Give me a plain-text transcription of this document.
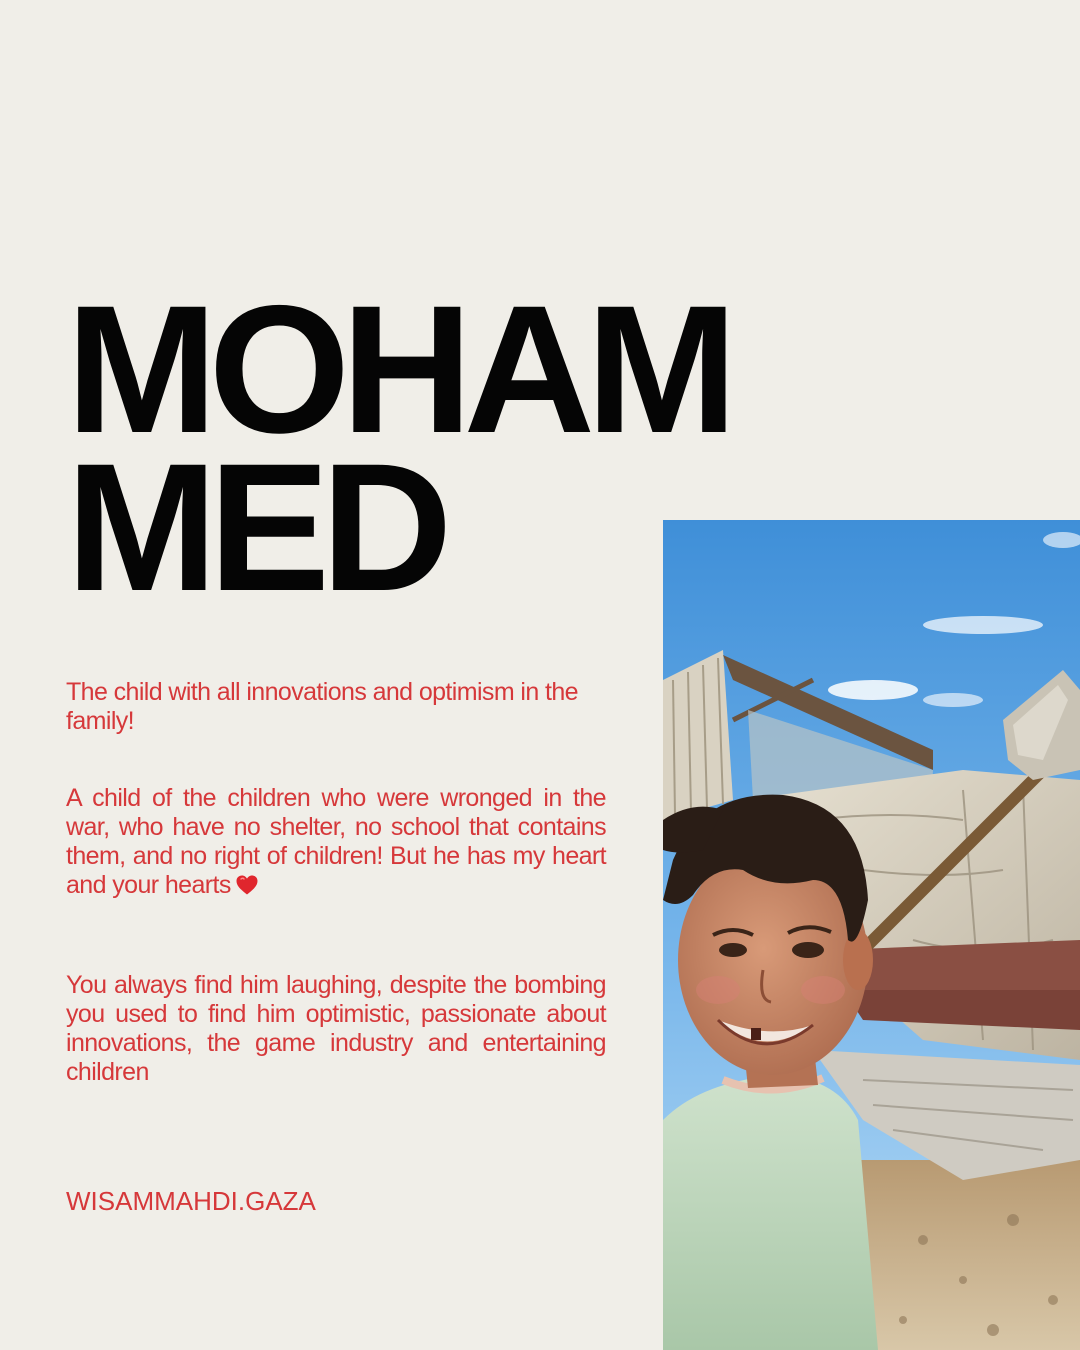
MOHAM
MED

The child with all innovations and optimism in the family!

A child of the children who were wronged in the war, who have no shelter, no school that contains them, and no right of children! But he has my heart and your hearts

You always find him laughing, despite the bombing you used to find him optimistic, passionate about innovations, the game industry and entertaining children

WISAMMAHDI.GAZA
